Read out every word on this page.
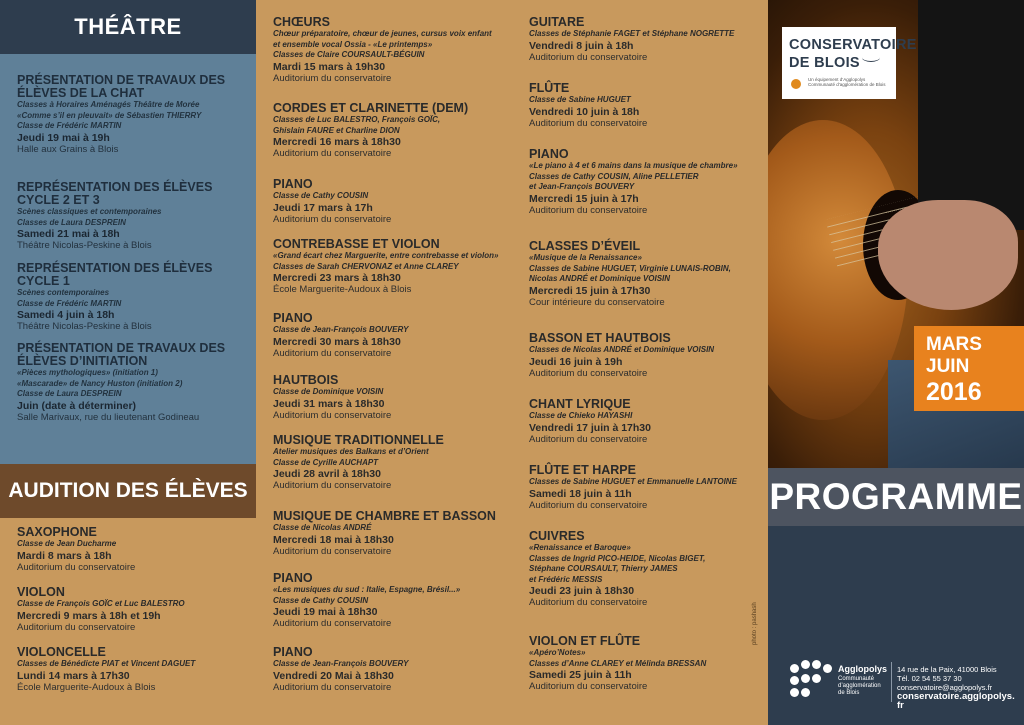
THÉÂTRE
PRÉSENTATION DE TRAVAUX DES ÉLÈVES DE LA CHAT
Classes à Horaires Aménagés Théâtre de Morée
«Comme s’il en pleuvait» de Sébastien THIERRY
Classe de Frédéric MARTIN
Jeudi 19 mai à 19h
Halle aux Grains à Blois
REPRÉSENTATION DES ÉLÈVES CYCLE 2 ET 3
Scènes classiques et contemporaines
Classes de Laura DESPREIN
Samedi 21 mai à 18h
Théâtre Nicolas-Peskine à Blois
REPRÉSENTATION DES ÉLÈVES CYCLE 1
Scènes contemporaines
Classe de Frédéric MARTIN
Samedi 4 juin à 18h
Théâtre Nicolas-Peskine à Blois
PRÉSENTATION DE TRAVAUX DES ÉLÈVES D’INITIATION
«Pièces mythologiques» (initiation 1)
«Mascarade» de Nancy Huston (initiation 2)
Classe de Laura DESPREIN
Juin (date à déterminer)
Salle Marivaux, rue du lieutenant Godineau
AUDITION DES ÉLÈVES
SAXOPHONE
Classe de Jean Ducharme
Mardi 8 mars à 18h
Auditorium du conservatoire
VIOLON
Classe de François GOÏC et Luc BALESTRO
Mercredi 9 mars à 18h et 19h
Auditorium du conservatoire
VIOLONCELLE
Classes de Bénédicte PIAT et Vincent DAGUET
Lundi 14 mars à 17h30
École Marguerite-Audoux à Blois
CHŒURS
Chœur préparatoire, chœur de jeunes, cursus voix enfant
et ensemble vocal Ossia - «Le printemps»
Classes de Claire COURSAULT-BÉGUIN
Mardi 15 mars à 19h30
Auditorium du conservatoire
CORDES ET CLARINETTE (DEM)
Classes de Luc BALESTRO, François GOÏC,
Ghislain FAURE et Charline DION
Mercredi 16 mars à 18h30
Auditorium du conservatoire
PIANO
Classe de Cathy COUSIN
Jeudi 17 mars à 17h
Auditorium du conservatoire
CONTREBASSE ET VIOLON
«Grand écart chez Marguerite, entre contrebasse et violon»
Classes de Sarah CHERVONAZ et Anne CLAREY
Mercredi 23 mars à 18h30
École Marguerite-Audoux à Blois
PIANO
Classe de Jean-François BOUVERY
Mercredi 30 mars à 18h30
Auditorium du conservatoire
HAUTBOIS
Classe de Dominique VOISIN
Jeudi 31 mars à 18h30
Auditorium du conservatoire
MUSIQUE TRADITIONNELLE
Atelier musiques des Balkans et d’Orient
Classe de Cyrille AUCHAPT
Jeudi 28 avril à 18h30
Auditorium du conservatoire
MUSIQUE DE CHAMBRE ET BASSON
Classe de Nicolas ANDRÉ
Mercredi 18 mai à 18h30
Auditorium du conservatoire
PIANO
«Les musiques du sud : Italie, Espagne, Brésil...»
Classe de Cathy COUSIN
Jeudi 19 mai à 18h30
Auditorium du conservatoire
PIANO
Classe de Jean-François BOUVERY
Vendredi 20 Mai à 18h30
Auditorium du conservatoire
GUITARE
Classes de Stéphanie FAGET et Stéphane NOGRETTE
Vendredi 8 juin à 18h
Auditorium du conservatoire
FLÛTE
Classe de Sabine HUGUET
Vendredi 10 juin à 18h
Auditorium du conservatoire
PIANO
«Le piano à 4 et 6 mains dans la musique de chambre»
Classes de Cathy COUSIN, Aline PELLETIER
et Jean-François BOUVERY
Mercredi 15 juin à 17h
Auditorium du conservatoire
CLASSES D’ÉVEIL
«Musique de la Renaissance»
Classes de Sabine HUGUET, Virginie LUNAIS-ROBIN,
Nicolas ANDRÉ et Dominique VOISIN
Mercredi 15 juin à 17h30
Cour intérieure du conservatoire
BASSON ET HAUTBOIS
Classes de Nicolas ANDRÉ et Dominique VOISIN
Jeudi 16 juin à 19h
Auditorium du conservatoire
CHANT LYRIQUE
Classe de Chieko HAYASHI
Vendredi 17 juin à 17h30
Auditorium du conservatoire
FLÛTE ET HARPE
Classes de Sabine HUGUET et Emmanuelle LANTOINE
Samedi 18 juin à 11h
Auditorium du conservatoire
CUIVRES
«Renaissance et Baroque»
Classes de Ingrid PICO-HEIDE, Nicolas BIGET,
Stéphane COURSAULT, Thierry JAMES
et Frédéric MESSIS
Jeudi 23 juin à 18h30
Auditorium du conservatoire
VIOLON ET FLÛTE
«Apéro’Notes»
Classes d’Anne CLAREY et Mélinda BRESSAN
Samedi 25 juin à 11h
Auditorium du conservatoire
CONSERVATOIRE
DE BLOIS
Un équipement d’Agglopolys Communauté d’agglomération de Blois
MARS
JUIN
2016
PROGRAMME
Agglopolys
Communauté
d’agglomération
de Blois
14 rue de la Paix, 41000 Blois
Tél. 02 54 55 37 30
conservatoire@agglopolys.fr
conservatoire.agglopolys. fr
photo : pashash
